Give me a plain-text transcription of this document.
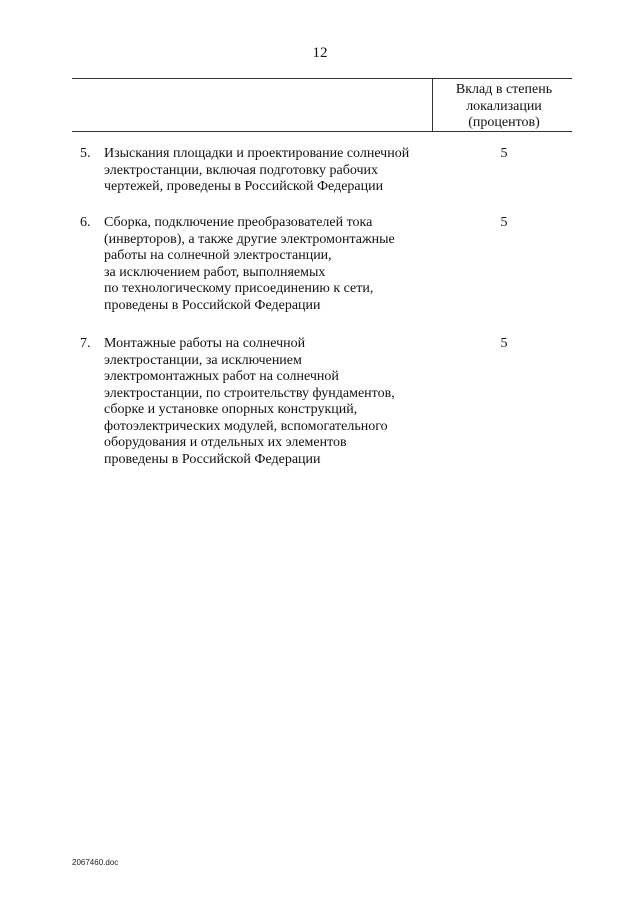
12
Вклад в степень
локализации
(процентов)
5. Изыскания площадки и проектирование солнечной
электростанции, включая подготовку рабочих
чертежей, проведены в Российской Федерации
5
6. Сборка, подключение преобразователей тока
(инверторов), а также другие электромонтажные
работы на солнечной электростанции,
за исключением работ, выполняемых
по технологическому присоединению к сети,
проведены в Российской Федерации
5
7. Монтажные работы на солнечной
электростанции, за исключением
электромонтажных работ на солнечной
электростанции, по строительству фундаментов,
сборке и установке опорных конструкций,
фотоэлектрических модулей, вспомогательного
оборудования и отдельных их элементов
проведены в Российской Федерации
5
2067460.doc
